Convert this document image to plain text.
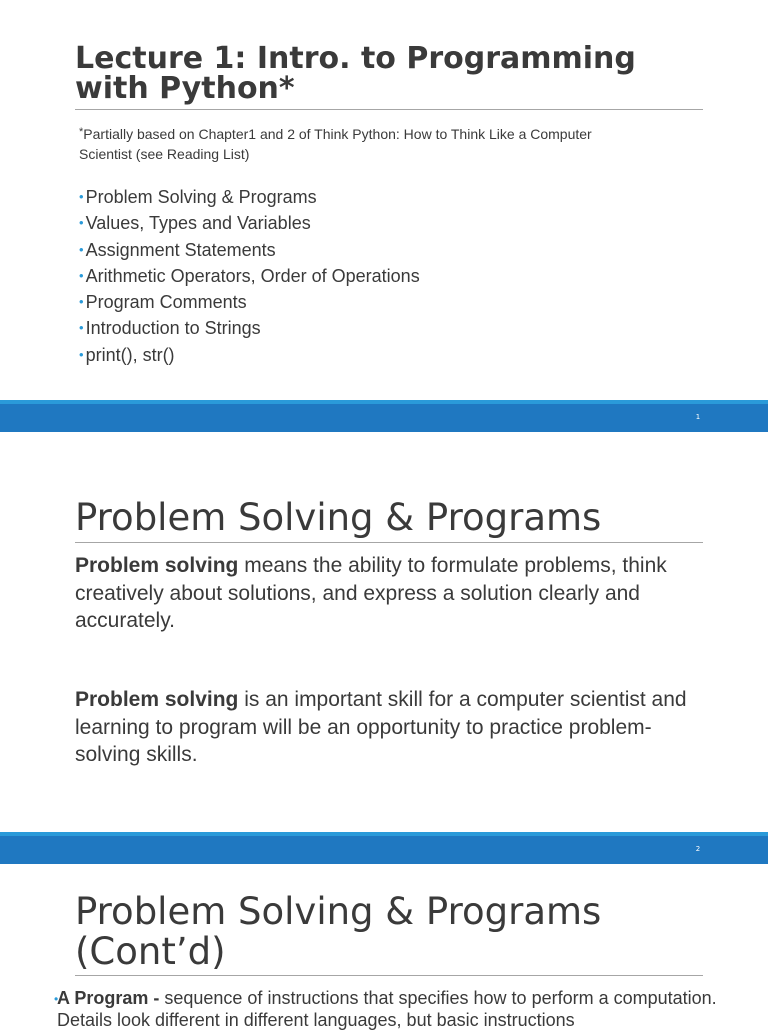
Lecture 1: Intro. to Programming with Python*
*Partially based on Chapter1 and 2 of Think Python: How to Think Like a Computer
Scientist (see Reading List)
• Problem Solving & Programs
• Values, Types and Variables
• Assignment Statements
• Arithmetic Operators, Order of Operations
• Program Comments
• Introduction to Strings
• print(), str()
1
Problem Solving & Programs

Problem solving means the ability to formulate problems, think creatively about solutions, and express a solution clearly and accurately.

Problem solving is an important skill for a computer scientist and learning to program will be an opportunity to practice problem-solving skills.

2
Problem Solving & Programs
(Cont’d)

•
A Program - sequence of instructions that specifies how to perform a computation. Details look different in different languages, but basic instructions
